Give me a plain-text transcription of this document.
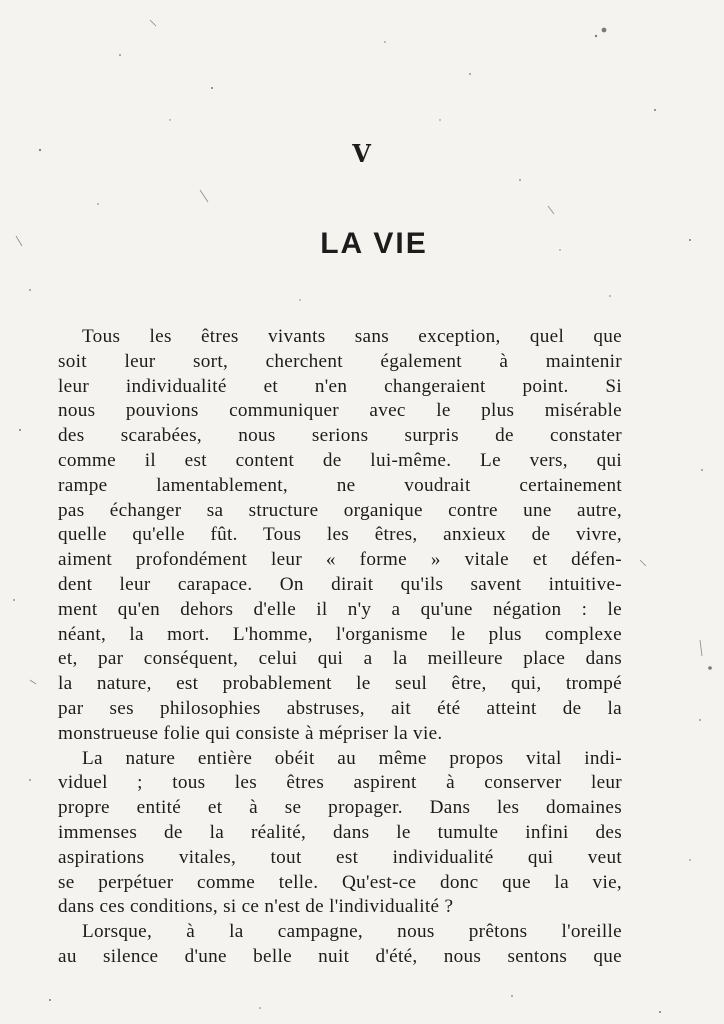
V
LA VIE
Tous les êtres vivants sans exception, quel que
soit leur sort, cherchent également à maintenir
leur individualité et n'en changeraient point. Si
nous pouvions communiquer avec le plus misérable
des scarabées, nous serions surpris de constater
comme il est content de lui-même. Le vers, qui
rampe lamentablement, ne voudrait certainement
pas échanger sa structure organique contre une autre,
quelle qu'elle fût. Tous les êtres, anxieux de vivre,
aiment profondément leur « forme » vitale et défen-
dent leur carapace. On dirait qu'ils savent intuitive-
ment qu'en dehors d'elle il n'y a qu'une négation : le
néant, la mort. L'homme, l'organisme le plus complexe
et, par conséquent, celui qui a la meilleure place dans
la nature, est probablement le seul être, qui, trompé
par ses philosophies abstruses, ait été atteint de la
monstrueuse folie qui consiste à mépriser la vie.
La nature entière obéit au même propos vital indi-
viduel ; tous les êtres aspirent à conserver leur
propre entité et à se propager. Dans les domaines
immenses de la réalité, dans le tumulte infini des
aspirations vitales, tout est individualité qui veut
se perpétuer comme telle. Qu'est-ce donc que la vie,
dans ces conditions, si ce n'est de l'individualité ?
Lorsque, à la campagne, nous prêtons l'oreille
au silence d'une belle nuit d'été, nous sentons que
